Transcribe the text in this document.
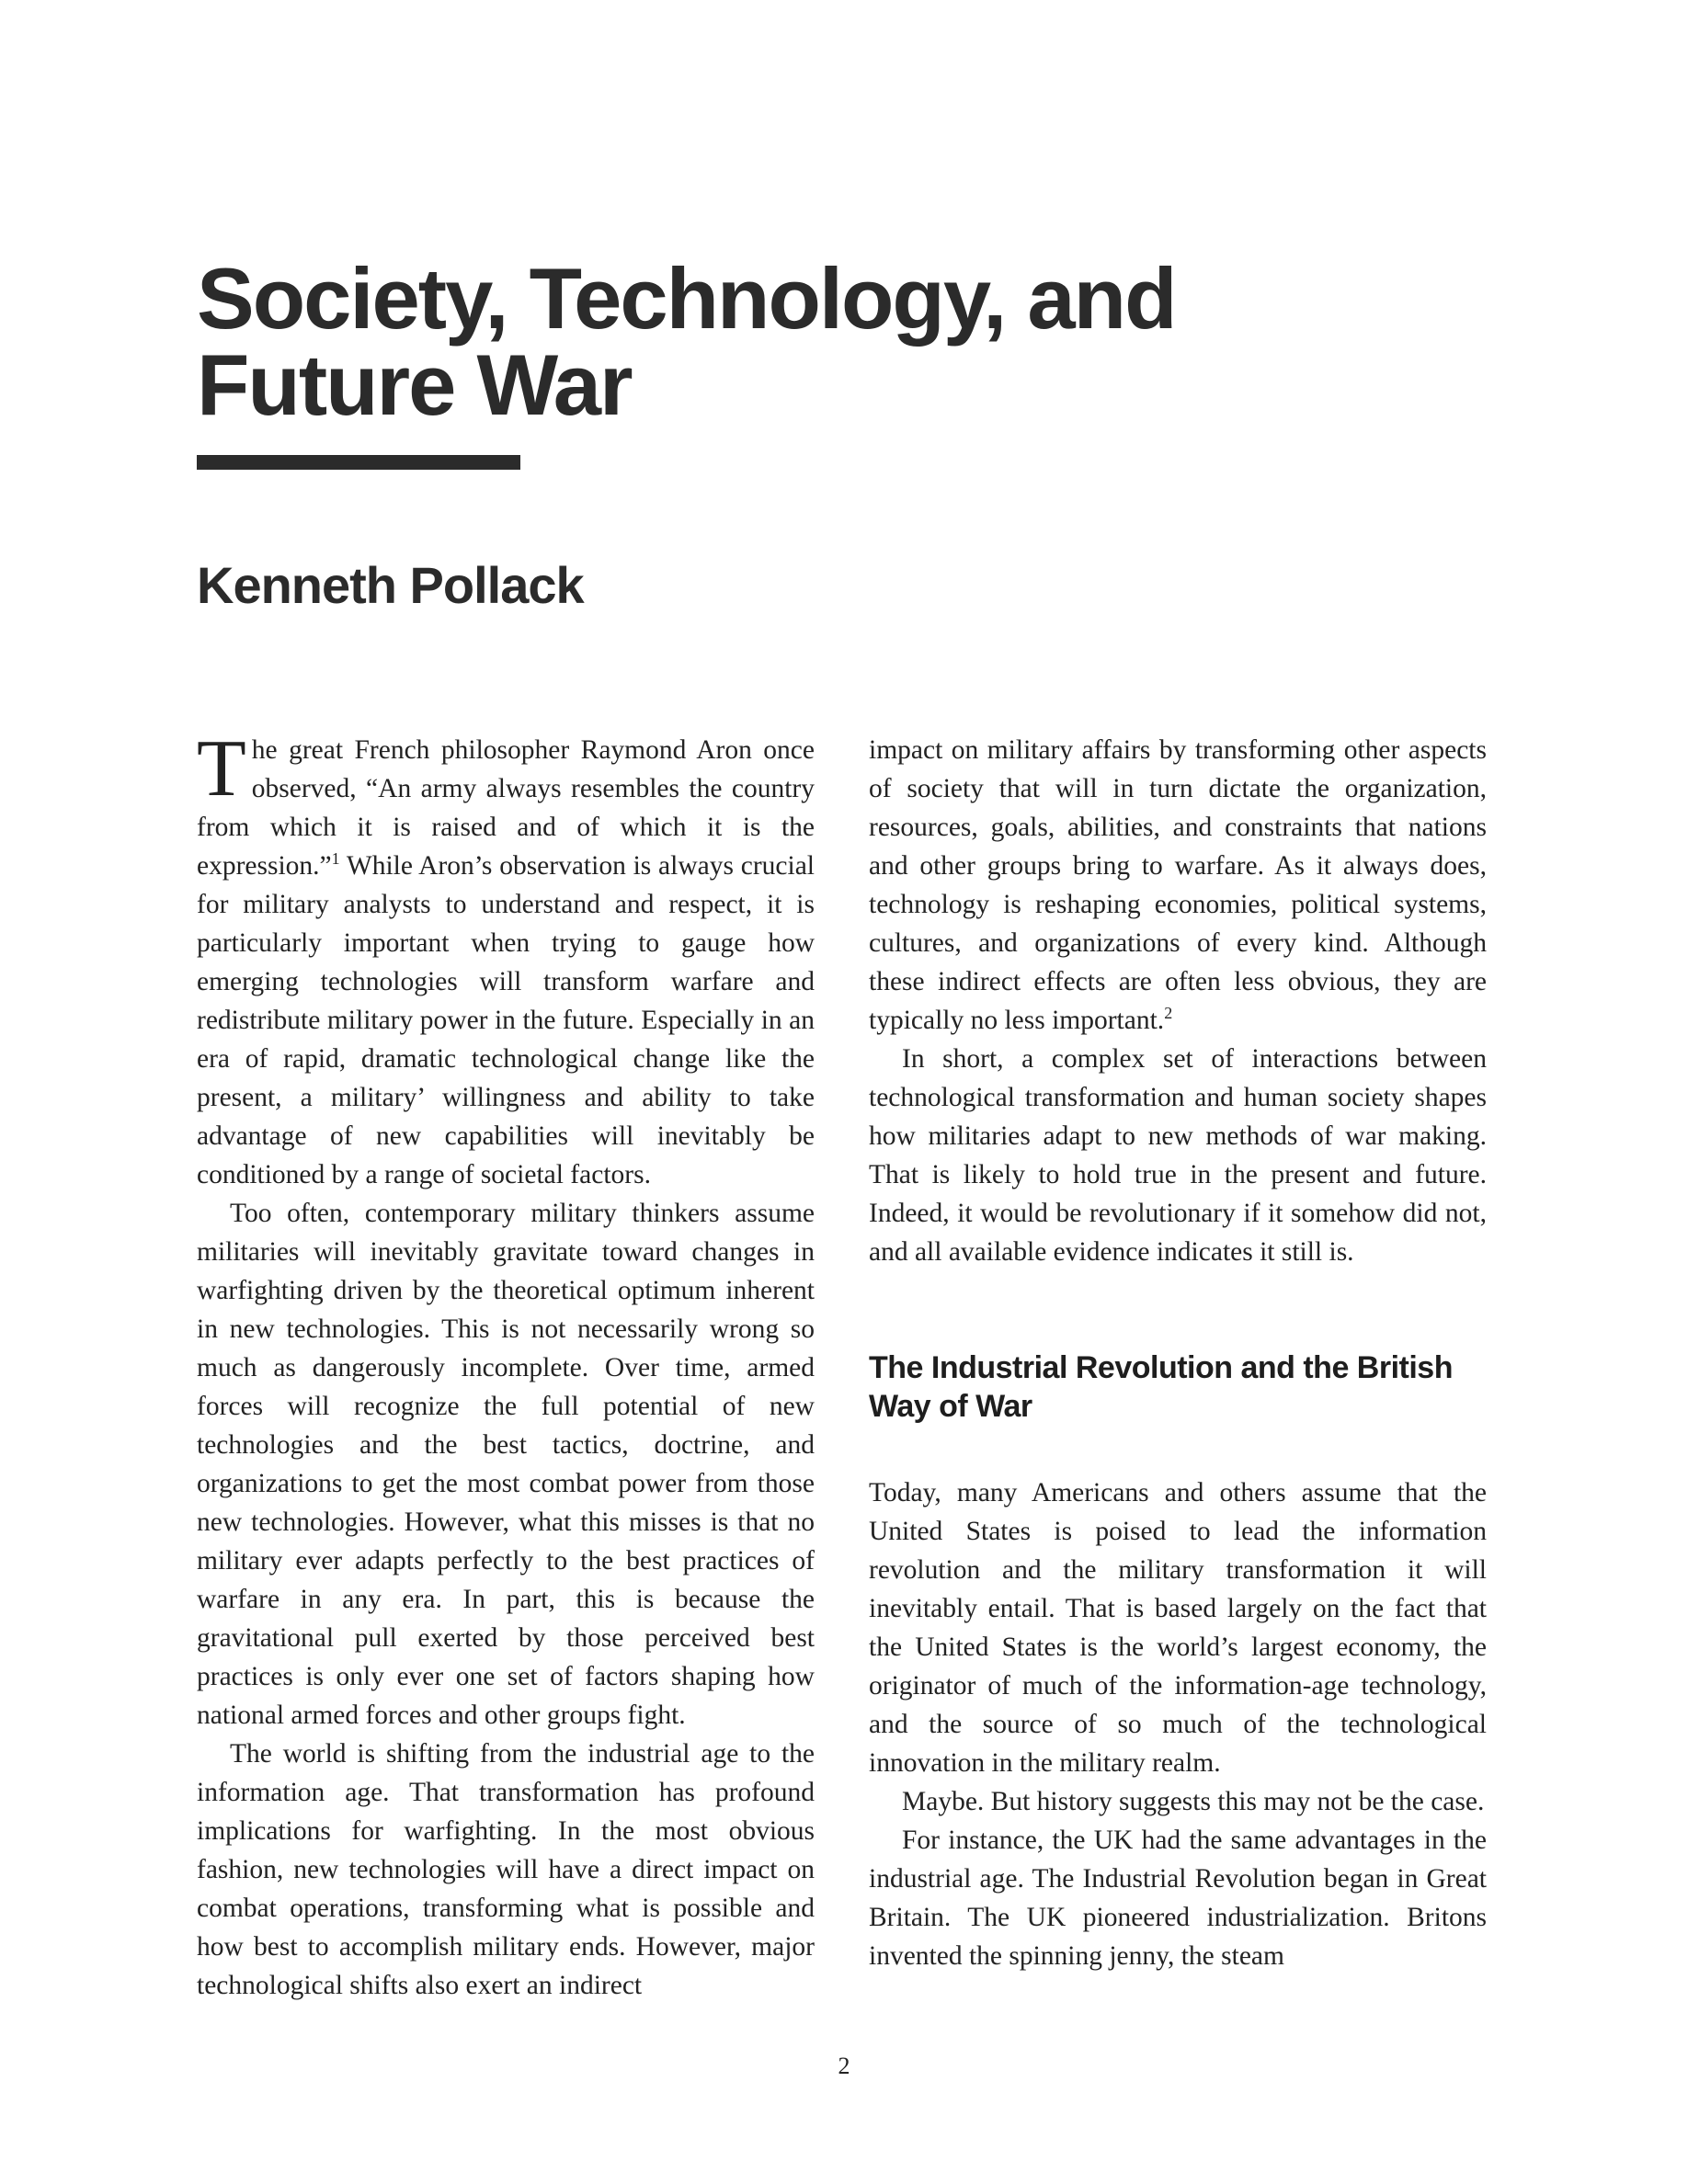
Society, Technology, and
Future War
Kenneth Pollack

The great French philosopher Raymond Aron once observed, “An army always resembles the country from which it is raised and of which it is the expression.”$^1$ While Aron’s observation is always crucial for military analysts to understand and respect, it is particularly important when trying to gauge how emerging technologies will transform warfare and redistribute military power in the future. Especially in an era of rapid, dramatic technological change like the present, a military’ willingness and ability to take advantage of new capabilities will inevitably be conditioned by a range of societal factors.

Too often, contemporary military thinkers assume militaries will inevitably gravitate toward changes in warfighting driven by the theoretical optimum inherent in new technologies. This is not necessarily wrong so much as dangerously incomplete. Over time, armed forces will recognize the full potential of new technologies and the best tactics, doctrine, and organizations to get the most combat power from those new technologies. However, what this misses is that no military ever adapts perfectly to the best practices of warfare in any era. In part, this is because the gravitational pull exerted by those perceived best practices is only ever one set of factors shaping how national armed forces and other groups fight.

The world is shifting from the industrial age to the information age. That transformation has profound implications for warfighting. In the most obvious fashion, new technologies will have a direct impact on combat operations, transforming what is possible and how best to accomplish military ends. However, major technological shifts also exert an indirect

impact on military affairs by transforming other aspects of society that will in turn dictate the organization, resources, goals, abilities, and constraints that nations and other groups bring to warfare. As it always does, technology is reshaping economies, political systems, cultures, and organizations of every kind. Although these indirect effects are often less obvious, they are typically no less important.$^2$

In short, a complex set of interactions between technological transformation and human society shapes how militaries adapt to new methods of war making. That is likely to hold true in the present and future. Indeed, it would be revolutionary if it somehow did not, and all available evidence indicates it still is.

The Industrial Revolution and the British Way of War

Today, many Americans and others assume that the United States is poised to lead the information revolution and the military transformation it will inevitably entail. That is based largely on the fact that the United States is the world’s largest economy, the originator of much of the information-age technology, and the source of so much of the technological innovation in the military realm.

Maybe. But history suggests this may not be the case.

For instance, the UK had the same advantages in the industrial age. The Industrial Revolution began in Great Britain. The UK pioneered industrialization. Britons invented the spinning jenny, the steam

2
